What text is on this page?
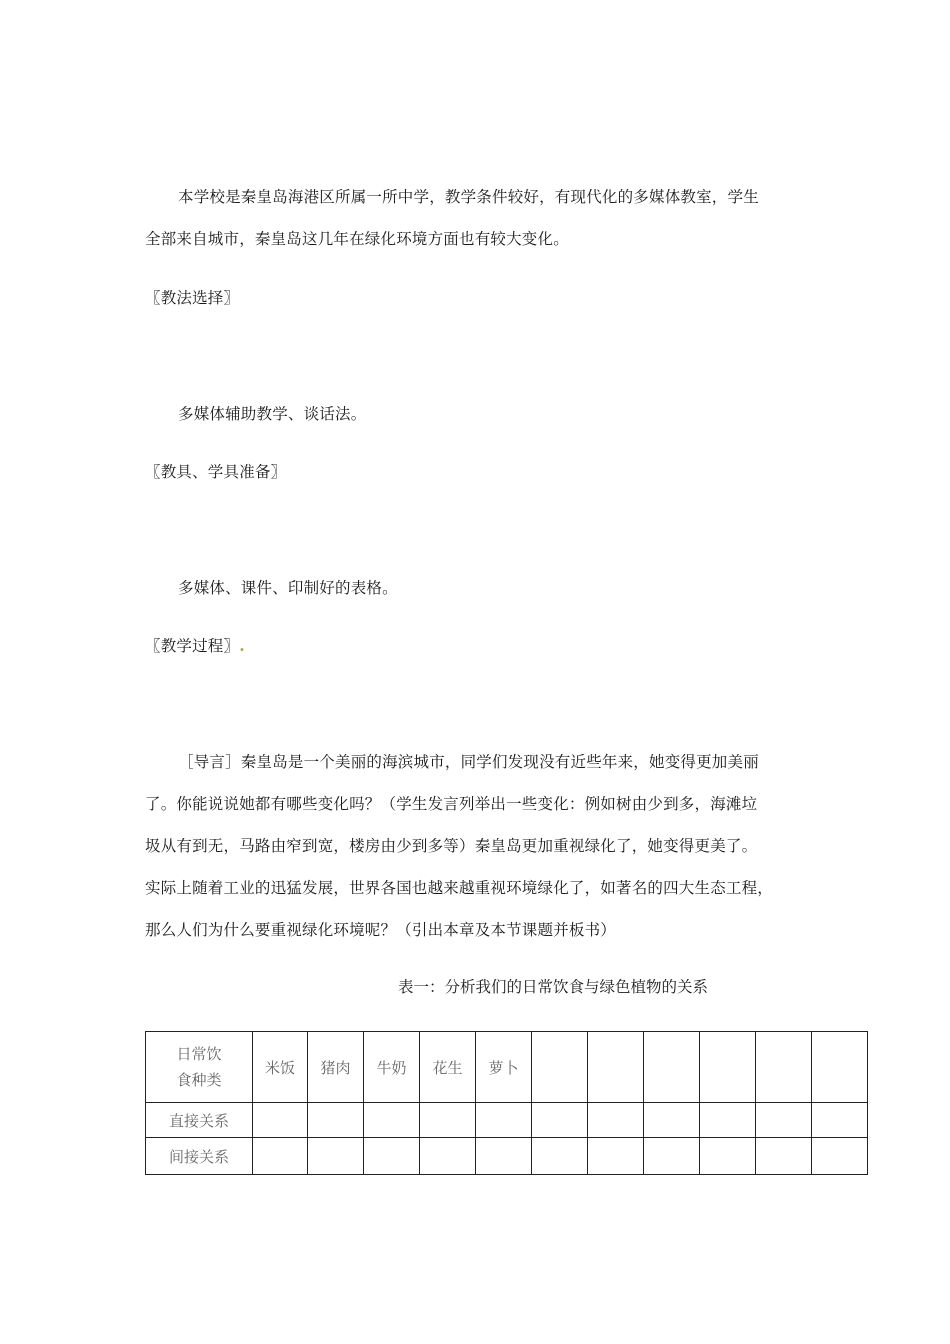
本学校是秦皇岛海港区所属一所中学，教学条件较好，有现代化的多媒体教室，学生
全部来自城市，秦皇岛这几年在绿化环境方面也有较大变化。
〖教法选择〗
多媒体辅助教学、谈话法。
〖教具、学具准备〗
多媒体、课件、印制好的表格。
〖教学过程〗.
［导言］秦皇岛是一个美丽的海滨城市，同学们发现没有近些年来，她变得更加美丽
了。你能说说她都有哪些变化吗？（学生发言列举出一些变化：例如树由少到多，海滩垃
圾从有到无，马路由窄到宽，楼房由少到多等）秦皇岛更加重视绿化了，她变得更美了。
实际上随着工业的迅猛发展，世界各国也越来越重视环境绿化了，如著名的四大生态工程，
那么人们为什么要重视绿化环境呢？（引出本章及本节课题并板书）
表一：分析我们的日常饮食与绿色植物的关系
日常饮
食种类	米饭	猪肉	牛奶	花生	萝卜						
直接关系											
间接关系											
